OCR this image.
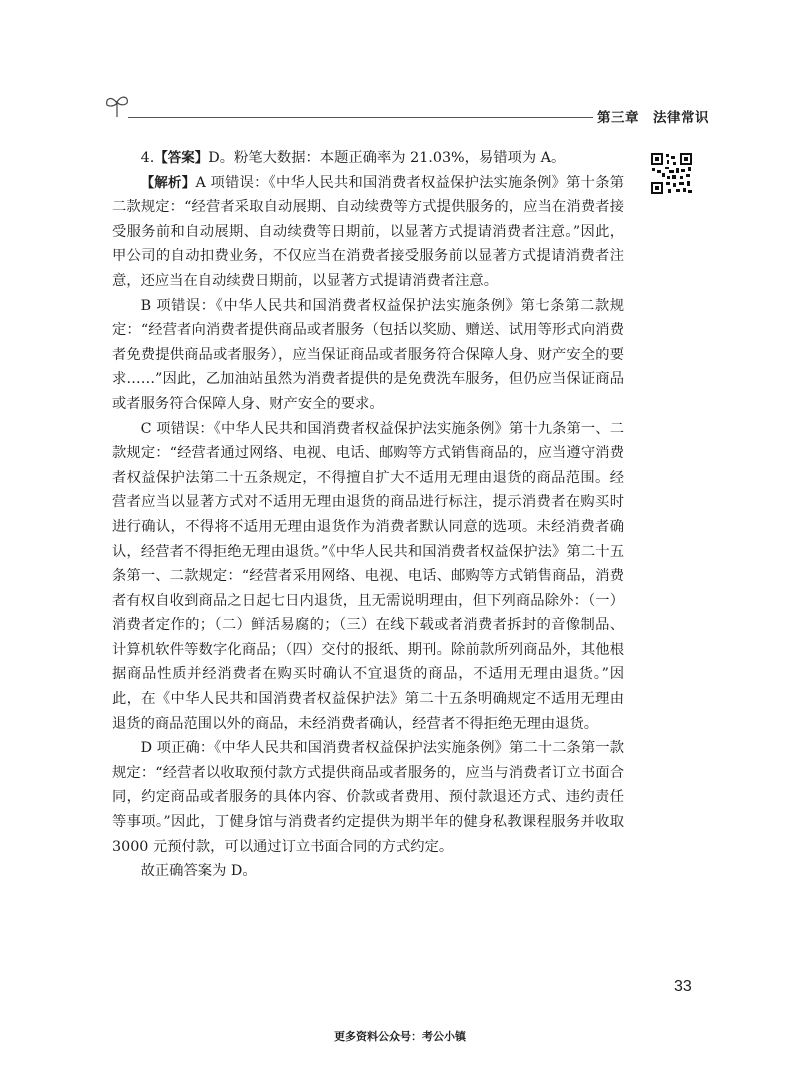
第三章　法律常识

4.【答案】D。粉笔大数据：本题正确率为 21.03%，易错项为 A。

【解析】A 项错误：《中华人民共和国消费者权益保护法实施条例》第十条第二款规定：“经营者采取自动展期、自动续费等方式提供服务的，应当在消费者接受服务前和自动展期、自动续费等日期前，以显著方式提请消费者注意。”因此，甲公司的自动扣费业务，不仅应当在消费者接受服务前以显著方式提请消费者注意，还应当在自动续费日期前，以显著方式提请消费者注意。

B 项错误：《中华人民共和国消费者权益保护法实施条例》第七条第二款规定：“经营者向消费者提供商品或者服务（包括以奖励、赠送、试用等形式向消费者免费提供商品或者服务），应当保证商品或者服务符合保障人身、财产安全的要求……”因此，乙加油站虽然为消费者提供的是免费洗车服务，但仍应当保证商品或者服务符合保障人身、财产安全的要求。

C 项错误：《中华人民共和国消费者权益保护法实施条例》第十九条第一、二款规定：“经营者通过网络、电视、电话、邮购等方式销售商品的，应当遵守消费者权益保护法第二十五条规定，不得擅自扩大不适用无理由退货的商品范围。经营者应当以显著方式对不适用无理由退货的商品进行标注，提示消费者在购买时进行确认，不得将不适用无理由退货作为消费者默认同意的选项。未经消费者确认，经营者不得拒绝无理由退货。”《中华人民共和国消费者权益保护法》第二十五条第一、二款规定：“经营者采用网络、电视、电话、邮购等方式销售商品，消费者有权自收到商品之日起七日内退货，且无需说明理由，但下列商品除外：（一）消费者定作的；（二）鲜活易腐的；（三）在线下载或者消费者拆封的音像制品、计算机软件等数字化商品；（四）交付的报纸、期刊。除前款所列商品外，其他根据商品性质并经消费者在购买时确认不宜退货的商品，不适用无理由退货。”因此，在《中华人民共和国消费者权益保护法》第二十五条明确规定不适用无理由退货的商品范围以外的商品，未经消费者确认，经营者不得拒绝无理由退货。

D 项正确：《中华人民共和国消费者权益保护法实施条例》第二十二条第一款规定：“经营者以收取预付款方式提供商品或者服务的，应当与消费者订立书面合同，约定商品或者服务的具体内容、价款或者费用、预付款退还方式、违约责任等事项。”因此，丁健身馆与消费者约定提供为期半年的健身私教课程服务并收取 3000 元预付款，可以通过订立书面合同的方式约定。

故正确答案为 D。

33
更多资料公众号：考公小镇
